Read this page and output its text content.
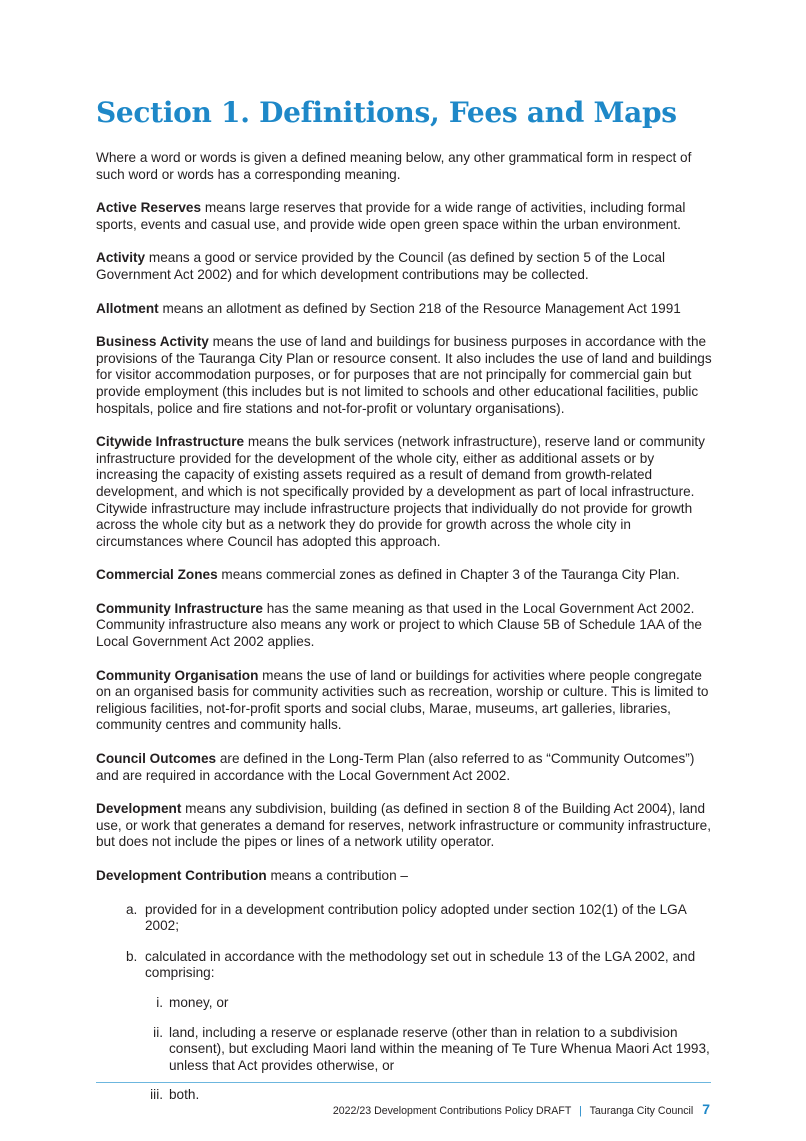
Section 1. Definitions, Fees and Maps

Where a word or words is given a defined meaning below, any other grammatical form in respect of such word or words has a corresponding meaning.

Active Reserves means large reserves that provide for a wide range of activities, including formal sports, events and casual use, and provide wide open green space within the urban environment.

Activity means a good or service provided by the Council (as defined by section 5 of the Local Government Act 2002) and for which development contributions may be collected.

Allotment means an allotment as defined by Section 218 of the Resource Management Act 1991

Business Activity means the use of land and buildings for business purposes in accordance with the provisions of the Tauranga City Plan or resource consent. It also includes the use of land and buildings for visitor accommodation purposes, or for purposes that are not principally for commercial gain but provide employment (this includes but is not limited to schools and other educational facilities, public hospitals, police and fire stations and not-for-profit or voluntary organisations).

Citywide Infrastructure means the bulk services (network infrastructure), reserve land or community infrastructure provided for the development of the whole city, either as additional assets or by increasing the capacity of existing assets required as a result of demand from growth-related development, and which is not specifically provided by a development as part of local infrastructure. Citywide infrastructure may include infrastructure projects that individually do not provide for growth across the whole city but as a network they do provide for growth across the whole city in circumstances where Council has adopted this approach.

Commercial Zones means commercial zones as defined in Chapter 3 of the Tauranga City Plan.

Community Infrastructure has the same meaning as that used in the Local Government Act 2002. Community infrastructure also means any work or project to which Clause 5B of Schedule 1AA of the Local Government Act 2002 applies.

Community Organisation means the use of land or buildings for activities where people congregate on an organised basis for community activities such as recreation, worship or culture. This is limited to religious facilities, not-for-profit sports and social clubs, Marae, museums, art galleries, libraries, community centres and community halls.

Council Outcomes are defined in the Long-Term Plan (also referred to as “Community Outcomes”) and are required in accordance with the Local Government Act 2002.

Development means any subdivision, building (as defined in section 8 of the Building Act 2004), land use, or work that generates a demand for reserves, network infrastructure or community infrastructure, but does not include the pipes or lines of a network utility operator.

Development Contribution means a contribution –

a. provided for in a development contribution policy adopted under section 102(1) of the LGA 2002;
b. calculated in accordance with the methodology set out in schedule 13 of the LGA 2002, and comprising:
i. money, or
ii. land, including a reserve or esplanade reserve (other than in relation to a subdivision consent), but excluding Maori land within the meaning of Te Ture Whenua Maori Act 1993, unless that Act provides otherwise, or
iii. both.
2022/23 Development Contributions Policy DRAFT | Tauranga City Council 7
